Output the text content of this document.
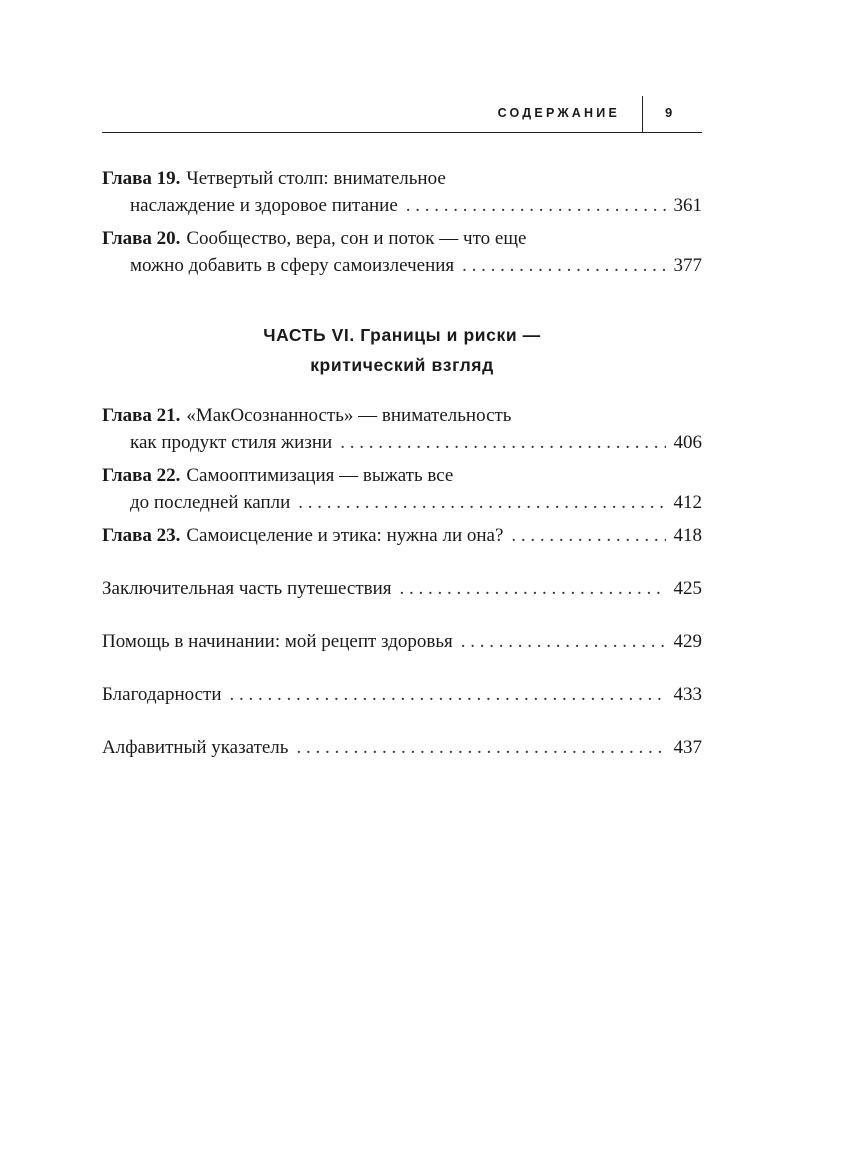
СОДЕРЖАНИЕ	9
Глава 19. Четвертый столп: внимательное
наслаждение и здоровое питание . . .	361
Глава 20. Сообщество, вера, сон и поток — что еще
можно добавить в сферу самоизлечения . . .	377
ЧАСТЬ VI. Границы и риски —
критический взгляд
Глава 21. «МакОсознанность» — внимательность
как продукт стиля жизни . . .	406
Глава 22. Самооптимизация — выжать все
до последней капли . . .	412
Глава 23. Самоисцеление и этика: нужна ли она? . . .	418
Заключительная часть путешествия . . .	425
Помощь в начинании: мой рецепт здоровья . . .	429
Благодарности . . .	433
Алфавитный указатель . . .	437
